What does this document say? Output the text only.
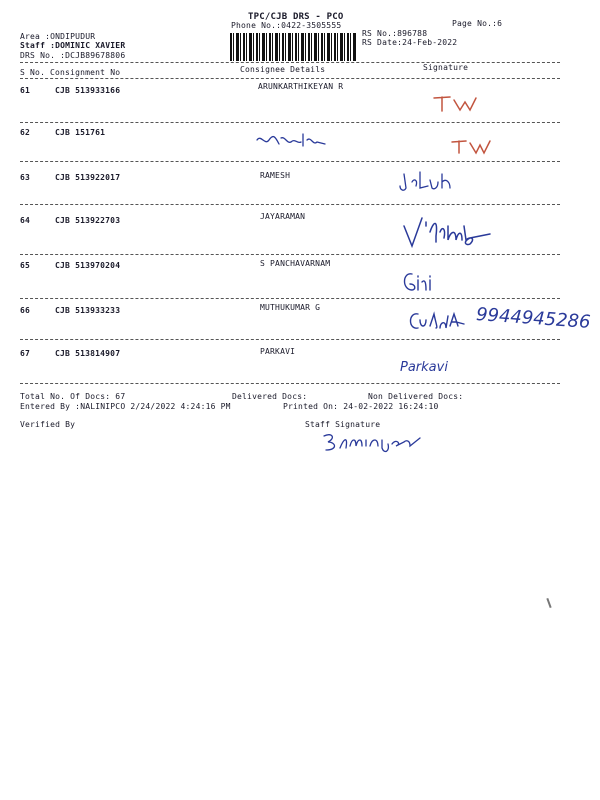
TPC/CJB DRS - PCO
Phone No.:0422-3505555	Page No.:6
Area :ONDIPUDUR
Staff :DOMINIC XAVIER
DRS No. :DCJB89678806
RS No.:896788
RS Date:24-Feb-2022
S No. Consignment No	Consignee Details	Signature
61	CJB 513933166	ARUNKARTHIKEYAN R
62	CJB 151761
63	CJB 513922017	RAMESH
64	CJB 513922703	JAYARAMAN
65	CJB 513970204	S PANCHAVARNAM
66	CJB 513933233	MUTHUKUMAR G	9944945286
67	CJB 513814907	PARKAVI
Parkavi
Total No. Of Docs: 67	Delivered Docs:	Non Delivered Docs:
Entered By :NALINIPCO 2/24/2022 4:24:16 PM	Printed On: 24-02-2022 16:24:10
Verified By	Staff Signature
